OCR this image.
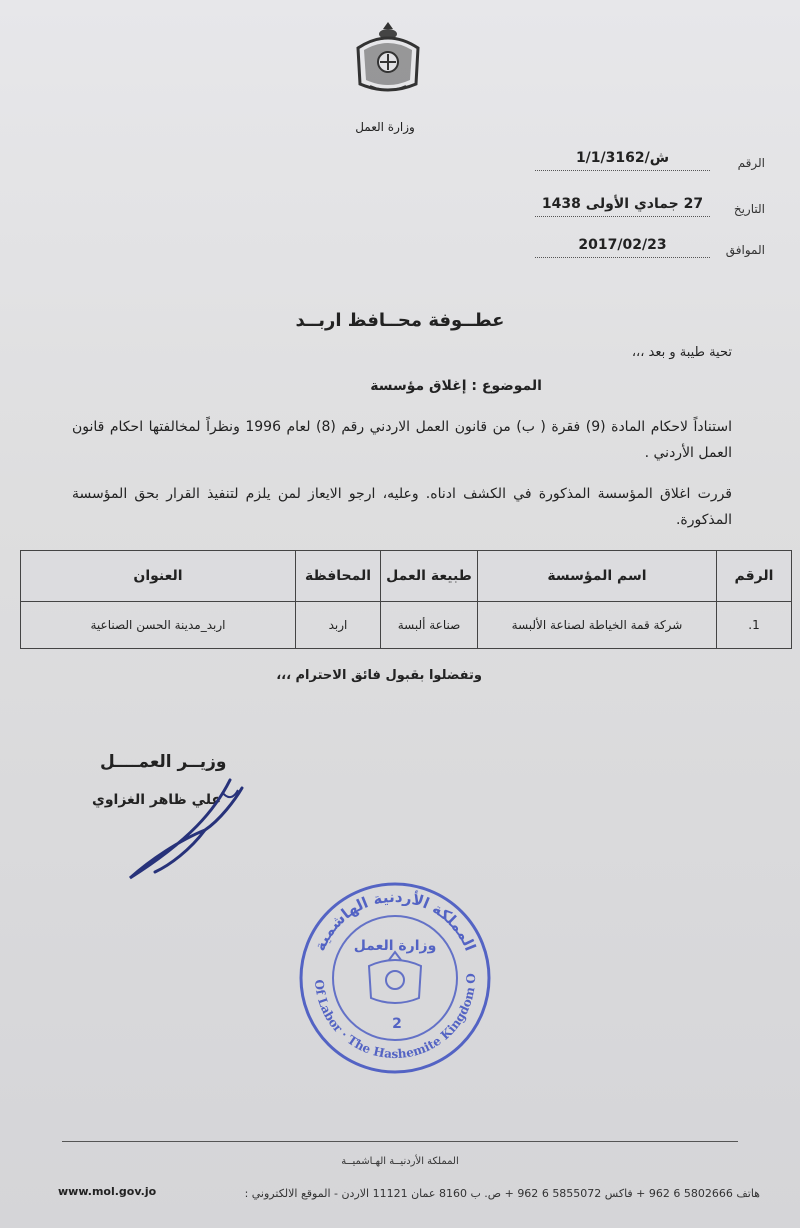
وزارة العمل
الرقم
ش/1/1/3162
التاريخ
27 جمادي الأولى 1438
الموافق
2017/02/23
عطــوفة محــافظ اربــد
تحية طيبة و بعد ،،،
الموضوع : إغلاق مؤسسة
استناداً لاحكام المادة (9) فقرة ( ب) من قانون العمل الاردني رقم (8) لعام 1996 ونظراً لمخالفتها احكام قانون العمل الأردني .
قررت اغلاق المؤسسة المذكورة في الكشف ادناه. وعليه، ارجو الايعاز لمن يلزم لتنفيذ القرار بحق المؤسسة المذكورة.
الرقم	اسم المؤسسة	طبيعة العمل	المحافظة	العنوان
1.	شركة قمة الخياطة لصناعة الألبسة	صناعة ألبسة	اربد	اربد_مدينة الحسن الصناعية
وتفضلوا بقبول فائق الاحترام ،،،
وزيــر العمــــل
علي ظاهر الغزاوي
المملكة الأردنية الهاشمية
Of Labor · The Hashemite Kingdom O
وزارة العمل
2
المملكة الأردنيــة الهـاشميــة
هاتف 5802666 6 962 + فاكس 5855072 6 962 + ص. ب 8160 عمان 11121 الاردن - الموقع الالكتروني :
www.mol.gov.jo
